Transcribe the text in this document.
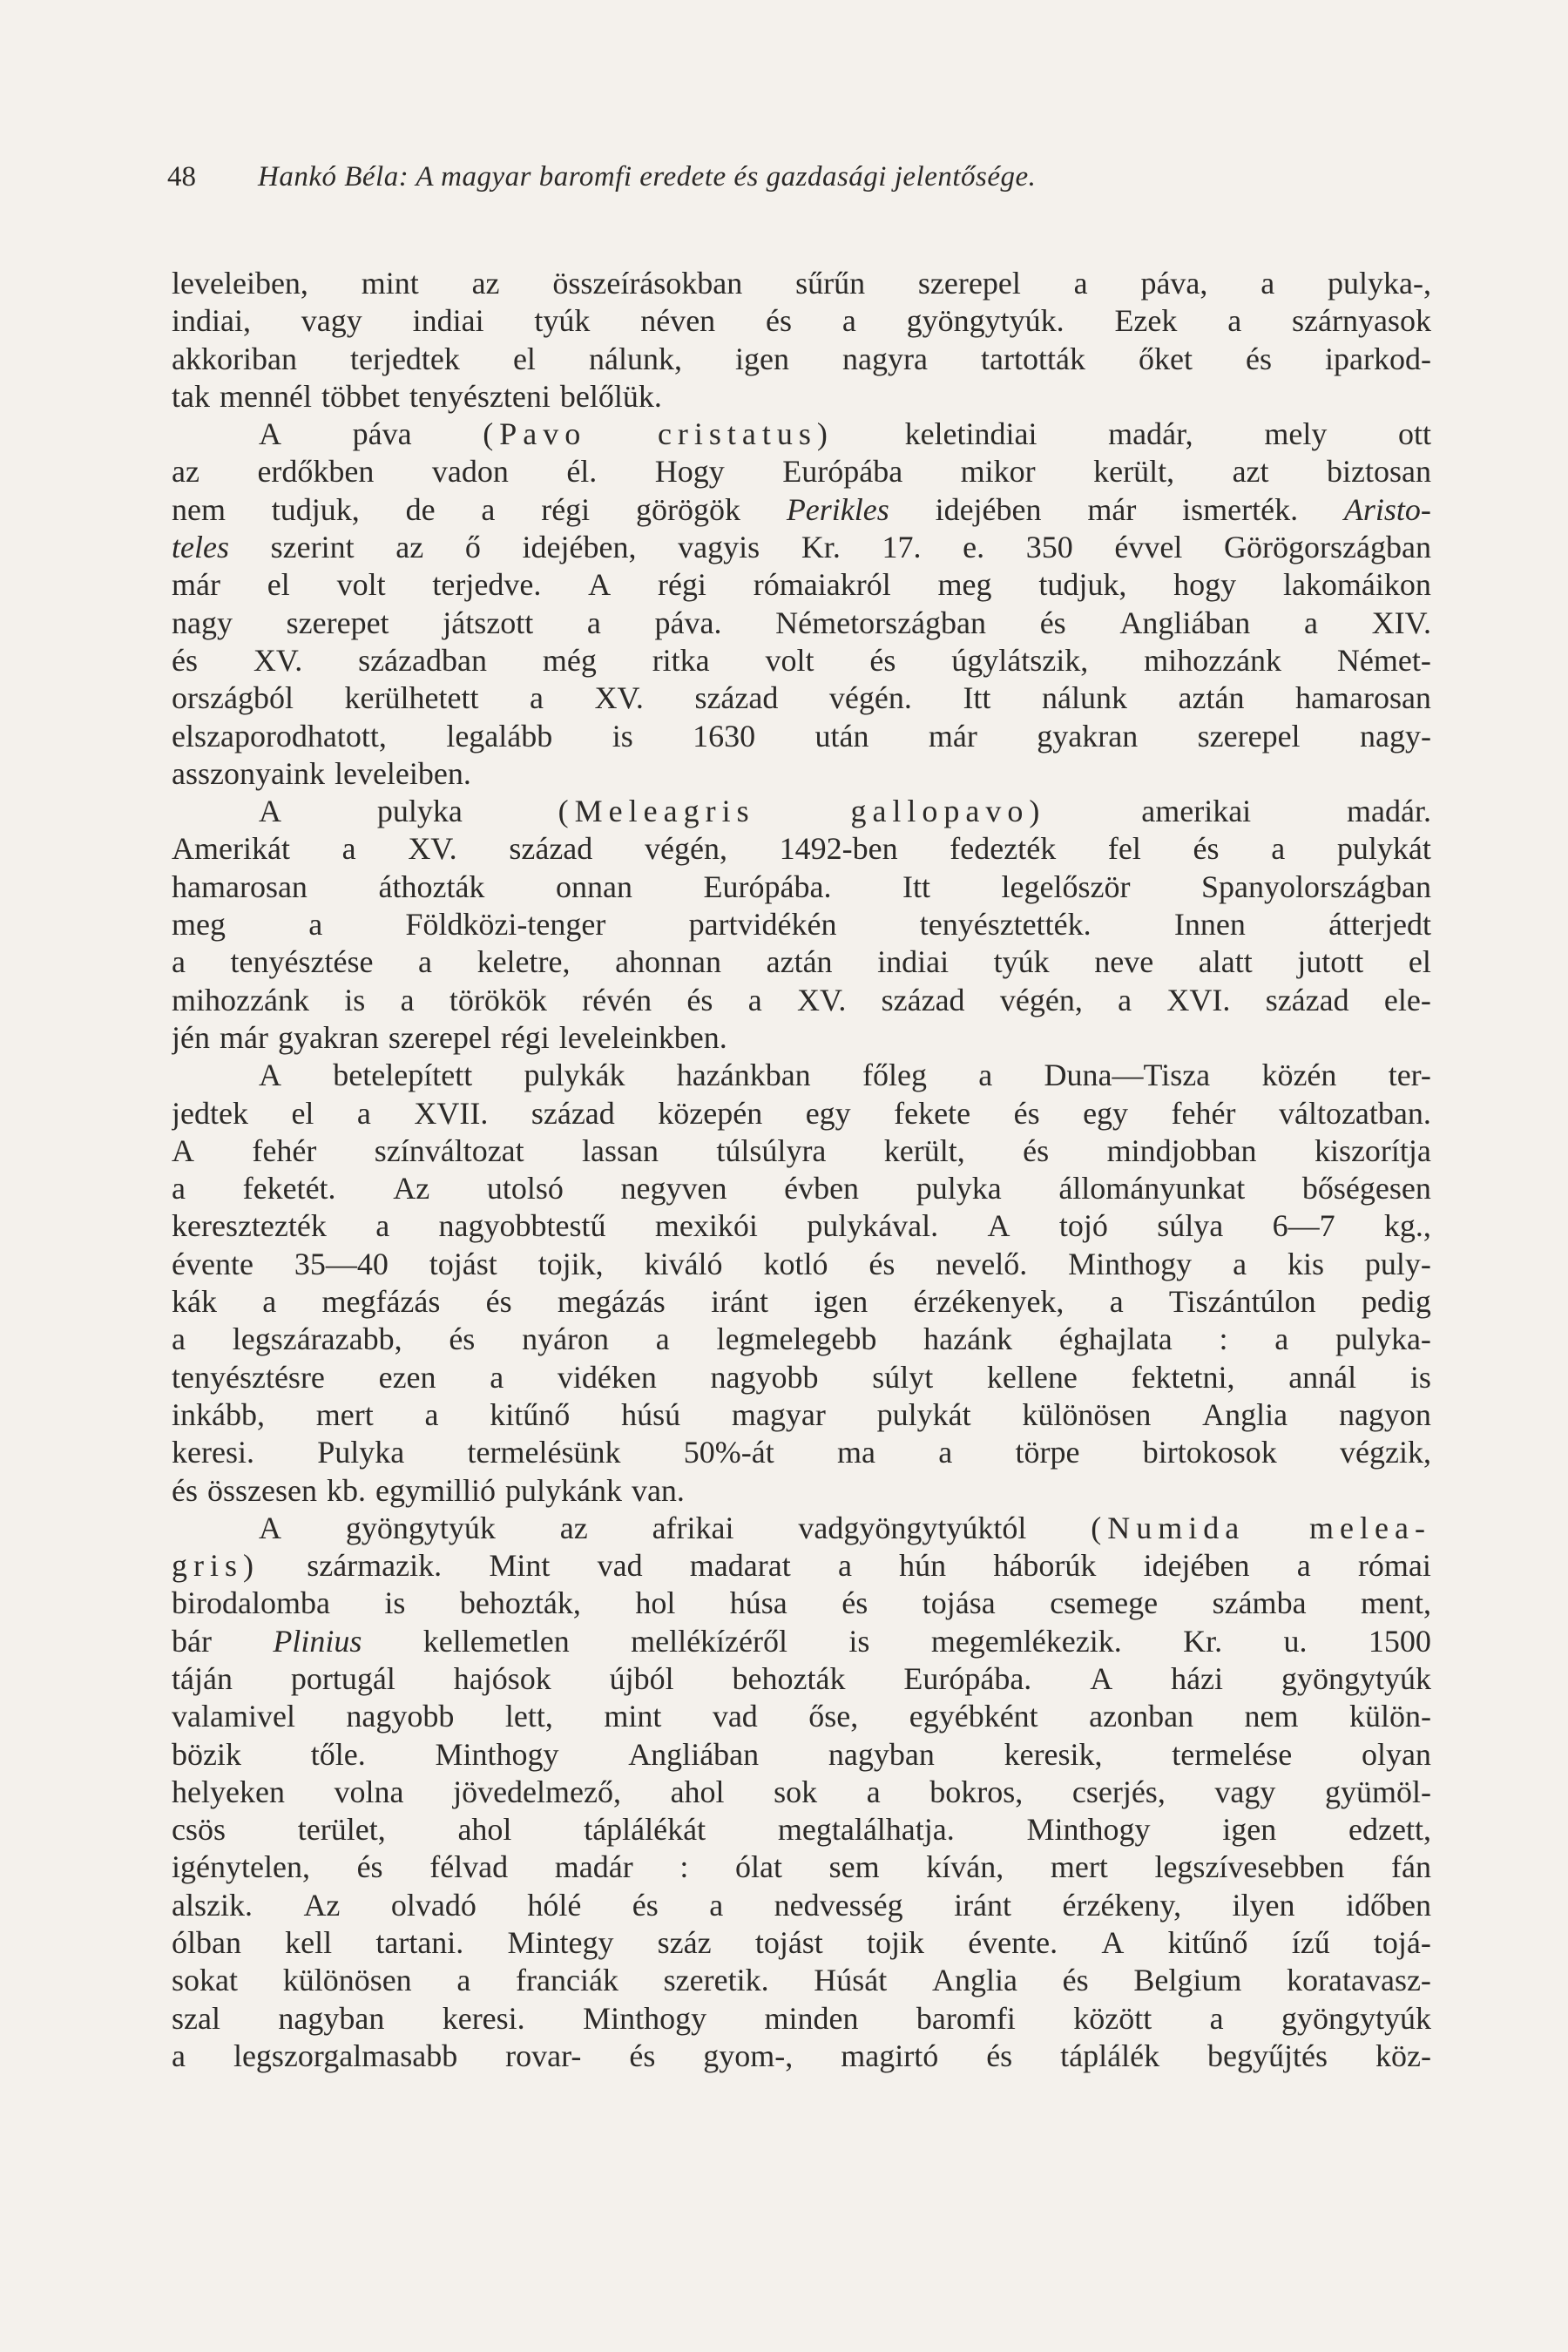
48 Hankó Béla: A magyar baromfi eredete és gazdasági jelentősége.
leveleiben, mint az összeírásokban sűrűn szerepel a páva, a pulyka-,
indiai, vagy indiai tyúk néven és a gyöngytyúk. Ezek a szárnyasok
akkoriban terjedtek el nálunk, igen nagyra tartották őket és iparkod-
tak mennél többet tenyészteni belőlük.
A páva (Pavo cristatus) keletindiai madár, mely ott
az erdőkben vadon él. Hogy Európába mikor került, azt biztosan
nem tudjuk, de a régi görögök Perikles idejében már ismerték. Aristo-
teles szerint az ő idejében, vagyis Kr. 17. e. 350 évvel Görögországban
már el volt terjedve. A régi rómaiakról meg tudjuk, hogy lakomáikon
nagy szerepet játszott a páva. Németországban és Angliában a XIV.
és XV. században még ritka volt és úgylátszik, mihozzánk Német-
országból kerülhetett a XV. század végén. Itt nálunk aztán hamarosan
elszaporodhatott, legalább is 1630 után már gyakran szerepel nagy-
asszonyaink leveleiben.
A	pulyka	(Meleagris	gallopavo)	amerikai	madár.
Amerikát a XV. század végén, 1492-ben fedezték fel és a pulykát
hamarosan áthozták onnan Európába. Itt legelőször Spanyolországban
meg	a	Földközi-tenger	partvidékén	tenyésztették.	Innen	átterjedt
a tenyésztése a keletre, ahonnan aztán indiai tyúk neve alatt jutott el
mihozzánk is a törökök révén és a XV. század végén, a XVI. század ele-
jén már gyakran szerepel régi leveleinkben.
A betelepített pulykák hazánkban főleg a Duna—Tisza közén ter-
jedtek el a XVII. század közepén egy fekete és egy fehér változatban.
A fehér színváltozat lassan túlsúlyra került, és mindjobban kiszorítja
a feketét. Az utolsó negyven évben pulyka állományunkat bőségesen
keresztezték a nagyobbtestű mexikói pulykával. A tojó súlya 6—7 kg.,
évente 35—40 tojást tojik, kiváló kotló és nevelő. Minthogy a kis puly-
kák a megfázás és megázás iránt igen érzékenyek, a Tiszántúlon pedig
a legszárazabb, és nyáron a legmelegebb hazánk éghajlata : a pulyka-
tenyésztésre ezen a vidéken nagyobb súlyt kellene fektetni, annál is
inkább, mert a kitűnő húsú magyar pulykát különösen Anglia nagyon
keresi. Pulyka termelésünk 50%-át ma a törpe birtokosok végzik,
és összesen kb. egymillió pulykánk van.
A gyöngytyúk az afrikai vadgyöngytyúktól (Numida melea-
gris) származik. Mint vad madarat a hún háborúk idejében a római
birodalomba is behozták, hol húsa és tojása csemege számba ment,
bár Plinius kellemetlen mellékízéről is megemlékezik. Kr. u. 1500
táján portugál hajósok újból behozták Európába. A házi gyöngytyúk
valamivel nagyobb lett, mint vad őse, egyébként azonban nem külön-
bözik tőle. Minthogy Angliában nagyban keresik, termelése olyan
helyeken volna jövedelmező, ahol sok a bokros, cserjés, vagy gyümöl-
csös terület, ahol táplálékát megtalálhatja. Minthogy igen edzett,
igénytelen, és félvad madár : ólat sem kíván, mert legszívesebben fán
alszik. Az olvadó hólé és a nedvesség iránt érzékeny, ilyen időben
ólban kell tartani. Mintegy száz tojást tojik évente. A kitűnő ízű tojá-
sokat különösen a franciák szeretik. Húsát Anglia és Belgium koratavasz-
szal nagyban keresi. Minthogy minden baromfi között a gyöngytyúk
a legszorgalmasabb rovar- és gyom-, magirtó és táplálék begyűjtés köz-
